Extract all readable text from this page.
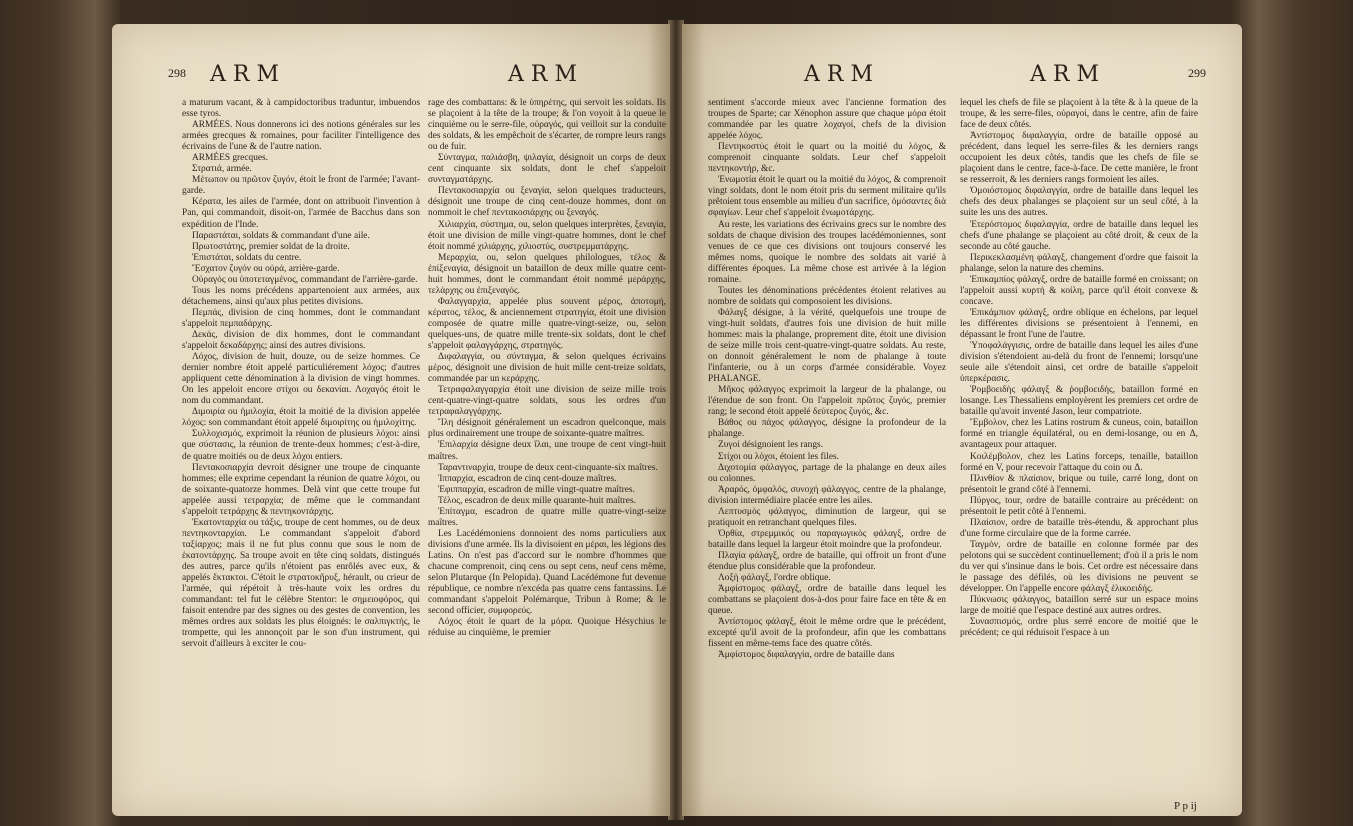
298 A R M	A R M

a maturum vacant, & à campidoctoribus traduntur, imbuendos esse tyros.

ARMÉES. Nous donnerons ici des notions générales sur les armées grecques & romaines, pour faciliter l'intelligence des écrivains de l'une & de l'autre nation.

ARMÉES grecques.

Στρατιά, armée.

Μέτωπον ou πρῶτον ζυγόν, étoit le front de l'armée; l'avant-garde.

Κέρατα, les ailes de l'armée, dont on attribuoit l'invention à Pan, qui commandoit, disoit-on, l'armée de Bacchus dans son expédition de l'Inde.

Παραστάται, soldats & commandant d'une aile.

Πρωτοστάτης, premier soldat de la droite.

Ἐπιστάται, soldats du centre.

Ἔσχατον ζυγόν ou οὐρά, arrière-garde.

Οὐραγός ou ὑποτεταγμένος, commandant de l'arrière-garde.

Tous les noms précédens appartenoient aux armées, aux détachemens, ainsi qu'aux plus petites divisions.

Πεμπάς, division de cinq hommes, dont le commandant s'appeloit πεμπαδάρχης.

Δεκάς, division de dix hommes, dont le commandant s'appeloit δεκαδάρχης; ainsi des autres divisions.

Λόχος, division de huit, douze, ou de seize hommes. Ce dernier nombre étoit appelé particuliérement λόχος; d'autres appliquent cette dénomination à la division de vingt hommes. On les appeloit encore στίχοι ou δεκανίαι. Λοχαγός étoit le nom du commandant.

Διμοιρία ou ἡμιλοχία, étoit la moitié de la division appelée λόχος: son commandant étoit appelé διμοιρίτης ou ἡμιλοχίτης.

Συλλοχισμός, exprimoit la réunion de plusieurs λόχοι: ainsi que σύστασις, la réunion de trente-deux hommes; c'est-à-dire, de quatre moitiés ou de deux λόχοι entiers.

Πεντακοσιαρχία devroit désigner une troupe de cinquante hommes; elle exprime cependant la réunion de quatre λόχοι, ou de soixante-quatorze hommes. Delà vint que cette troupe fut appelée aussi τετραρχία; de même que le commandant s'appeloit τετράρχης & πεντηκοντάρχης.

Ἑκατονταρχία ou τάξις, troupe de cent hommes, ou de deux πεντηκονταρχίαι. Le commandant s'appeloit d'abord ταξίαρχος; mais il ne fut plus connu que sous le nom de ἑκατοντάρχης. Sa troupe avoit en tête cinq soldats, distingués des autres, parce qu'ils n'étoient pas enrôlés avec eux, & appelés ἔκτακτοι. C'étoit le στρατοκῆρυξ, hérault, ou crieur de l'armée, qui répétoit à très-haute voix les ordres du commandant: tel fut le célèbre Stentor: le σημειοφόρος, qui faisoit entendre par des signes ou des gestes de convention, les mêmes ordres aux soldats les plus éloignés: le σαλπιγκτής, le trompette, qui les annonçoit par le son d'un instrument, qui servoit d'ailleurs à exciter le cou-

rage des combattans: & le ὑπηρέτης, qui servoit les soldats. Ils se plaçoient à la tête de la troupe; & l'on voyoit à la queue le cinquième ou le serre-file, οὐραγός, qui veilloit sur la conduite des soldats, & les empêchoit de s'écarter, de rompre leurs rangs ou de fuir.

Σύνταγμα, παλιάσβη, ψιλαγία, désignoit un corps de deux cent cinquante six soldats, dont le chef s'appeloit συνταγματάρχης.

Πεντακοσιαρχία ou ξεναγία, selon quelques traducteurs, désignoit une troupe de cinq cent-douze hommes, dont on nommoit le chef πεντακοσιάρχης ou ξεναγός.

Χιλιαρχία, σύστημα, ou, selon quelques interprètes, ξεναγία, étoit une division de mille vingt-quatre hommes, dont le chef étoit nommé χιλιάρχης, χιλιοστύς, συστρεμματάρχης.

Μεραρχία, ou, selon quelques philologues, τέλος & ἐπίξεναγία, désignoit un bataillon de deux mille quatre cent-huit hommes, dont le commandant étoit nommé μεράρχης, τελάρχης ou ἐπιξεναγός.

Φαλαγγαρχία, appelée plus souvent μέρος, ἀποτομή, κέρατος, τέλος, & anciennement στρατηγία, étoit une division composée de quatre mille quatre-vingt-seize, ou, selon quelques-uns, de quatre mille trente-six soldats, dont le chef s'appeloit φαλαγγάρχης, στρατηγός.

Διφαλαγγία, ou σύνταγμα, & selon quelques écrivains μέρος, désignoit une division de huit mille cent-treize soldats, commandée par un κεράρχης.

Τετραφαλαγγαρχία étoit une division de seize mille trois cent-quatre-vingt-quatre soldats, sous les ordres d'un τετραφαλαγγάρχης.

Ἴλη désignoit généralement un escadron quelconque, mais plus ordinairement une troupe de soixante-quatre maîtres.

Ἐπιλαρχία désigne deux ἴλαι, une troupe de cent vingt-huit maîtres.

Ταραντιναρχία, troupe de deux cent-cinquante-six maîtres.

Ἱππαρχία, escadron de cinq cent-douze maîtres.

Ἐφιππαρχία, escadron de mille vingt-quatre maîtres.

Τέλος, escadron de deux mille quarante-huit maîtres.

Ἐπίταγμα, escadron de quatre mille quatre-vingt-seize maîtres.

Les Lacédémoniens donnoient des noms particuliers aux divisions d'une armée. Ils la divisoient en μέραι, les légions des Latins. On n'est pas d'accord sur le nombre d'hommes que chacune comprenoit, cinq cens ou sept cens, neuf cens même, selon Plutarque (In Pelopida). Quand Lacédémone fut devenue république, ce nombre n'excéda pas quatre cens fantassins. Le commandant s'appeloit Polémarque, Tribun à Rome; & le second officier, συμφορεύς.

Λόχος étoit le quart de la μόρα. Quoique Hésychius le réduise au cinquième, le premier

A R M	A R M	299

sentiment s'accorde mieux avec l'ancienne formation des troupes de Sparte; car Xénophon assure que chaque μόρα étoit commandée par les quatre λοχαγοί, chefs de la division appelée λόχος.

Πεντηκοστύς étoit le quart ou la moitié du λόχος, & comprenoit cinquante soldats. Leur chef s'appeloit πεντηκοντήρ, &c.

Ἐνωμοτία étoit le quart ou la moitié du λόχος, & comprenoit vingt soldats, dont le nom étoit pris du serment militaire qu'ils prêtoient tous ensemble au milieu d'un sacrifice, ὀμόσαντες διὰ σφαγίων. Leur chef s'appeloit ἐνωμοτάρχης.

Au reste, les variations des écrivains grecs sur le nombre des soldats de chaque division des troupes lacédémoniennes, sont venues de ce que ces divisions ont toujours conservé les mêmes noms, quoique le nombre des soldats ait varié à différentes époques. La même chose est arrivée à la légion romaine.

Toutes les dénominations précédentes étoient relatives au nombre de soldats qui composoient les divisions.

Φάλαγξ désigne, à la vérité, quelquefois une troupe de vingt-huit soldats, d'autres fois une division de huit mille hommes: mais la phalange, proprement dite, étoit une division de seize mille trois cent-quatre-vingt-quatre soldats. Au reste, on donnoit généralement le nom de phalange à toute l'infanterie, ou à un corps d'armée considérable. Voyez PHALANGE.

Μῆκος φάλαγγος exprimoit la largeur de la phalange, ou l'étendue de son front. On l'appeloit πρῶτος ζυγός, premier rang; le second étoit appelé δεύτερος ζυγός, &c.

Βάθος ou πάχος φάλαγγος, désigne la profondeur de la phalange.

Ζυγοί désignoient les rangs.

Στίχοι ou λόχοι, étoient les files.

Διχοτομία φάλαγγος, partage de la phalange en deux ailes ou colonnes.

Ἀραρός, ὀμφαλός, συνοχή φάλαγγος, centre de la phalange, division intermédiaire placée entre les ailes.

Λεπτυσμὸς φάλαγγος, diminution de largeur, qui se pratiquoit en retranchant quelques files.

Ὀρθία, στρεμμικός ou παραγωγικὸς φάλαγξ, ordre de bataille dans lequel la largeur étoit moindre que la profondeur.

Πλαγία φάλαγξ, ordre de bataille, qui offroit un front d'une étendue plus considérable que la profondeur.

Λοξὴ φάλαγξ, l'ordre oblique.

Ἀμφίστομος φάλαγξ, ordre de bataille dans lequel les combattans se plaçoient dos-à-dos pour faire face en tête & en queue.

Ἀντίστομος φάλαγξ, étoit le même ordre que le précédent, excepté qu'il avoit de la profondeur, afin que les combattans fissent en même-tems face des quatre côtés.

Ἀμφίστομος διφαλαγγία, ordre de bataille dans

lequel les chefs de file se plaçoient à la tête & à la queue de la troupe, & les serre-files, οὐραγοί, dans le centre, afin de faire face de deux côtés.

Ἀντίστομος διφαλαγγία, ordre de bataille opposé au précédent, dans lequel les serre-files & les derniers rangs occupoient les deux côtés, tandis que les chefs de file se plaçoient dans le centre, face-à-face. De cette manière, le front se resserroit, & les derniers rangs formoient les ailes.

Ὁμοιόστομος διφαλαγγία, ordre de bataille dans lequel les chefs des deux phalanges se plaçoient sur un seul côté, à la suite les uns des autres.

Ἑτερόστομος διφαλαγγία, ordre de bataille dans lequel les chefs d'une phalange se plaçoient au côté droit, & ceux de la seconde au côté gauche.

Περικεκλασμένη φάλαγξ, changement d'ordre que faisoit la phalange, selon la nature des chemins.

Ἐπικαμπίος φάλαγξ, ordre de bataille formé en croissant; on l'appeloit aussi κυρτὴ & κοίλη, parce qu'il étoit convexe & concave.

Ἐπικάμπιον φάλαγξ, ordre oblique en échelons, par lequel les différentes divisions se présentoient à l'ennemi, en dépassant le front l'une de l'autre.

Ὑποφαλάγγισις, ordre de bataille dans lequel les ailes d'une division s'étendoient au-delà du front de l'ennemi; lorsqu'une seule aile s'étendoit ainsi, cet ordre de bataille s'appeloit ὑπερκέρασις.

Ῥομβοειδὴς φάλαγξ & ῥομβοειδὴς, bataillon formé en losange. Les Thessaliens employèrent les premiers cet ordre de bataille qu'avoit inventé Jason, leur compatriote.

Ἔμβολον, chez les Latins rostrum & cuneus, coin, bataillon formé en triangle équilatéral, ou en demi-losange, ou en Δ, avantageux pour attaquer.

Κοιλέμβολον, chez les Latins forceps, tenaille, bataillon formé en V, pour recevoir l'attaque du coin ou Δ.

Πλινθίον & πλαίσιον, brique ou tuile, carré long, dont on présentoit le grand côté à l'ennemi.

Πύργος, tour, ordre de bataille contraire au précédent: on présentoit le petit côté à l'ennemi.

Πλαίσιον, ordre de bataille très-étendu, & approchant plus d'une forme circulaire que de la forme carrée.

Ταγμὸν, ordre de bataille en colonne formée par des pelotons qui se succèdent continuellement; d'où il a pris le nom du ver qui s'insinue dans le bois. Cet ordre est nécessaire dans le passage des défilés, où les divisions ne peuvent se développer. On l'appelle encore φάλαγξ ἑλικοειδής.

Πύκνωσις φάλαγγος, bataillon serré sur un espace moins large de moitié que l'espace destiné aux autres ordres.

Συνασπισμός, ordre plus serré encore de moitié que le précédent; ce qui réduisoit l'espace à un

P p ij
